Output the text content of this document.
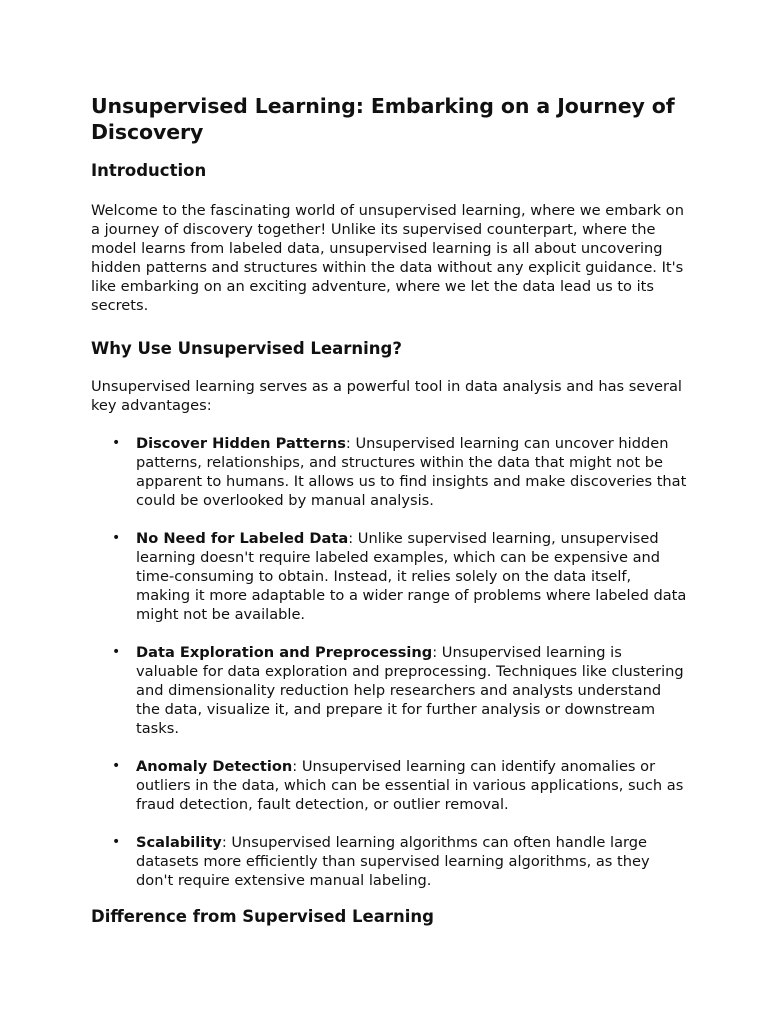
Unsupervised Learning: Embarking on a Journey of Discovery
Introduction

Welcome to the fascinating world of unsupervised learning, where we embark on a journey of discovery together! Unlike its supervised counterpart, where the model learns from labeled data, unsupervised learning is all about uncovering hidden patterns and structures within the data without any explicit guidance. It's like embarking on an exciting adventure, where we let the data lead us to its secrets.

Why Use Unsupervised Learning?

Unsupervised learning serves as a powerful tool in data analysis and has several key advantages:

• Discover Hidden Patterns: Unsupervised learning can uncover hidden patterns, relationships, and structures within the data that might not be apparent to humans. It allows us to find insights and make discoveries that could be overlooked by manual analysis.
• No Need for Labeled Data: Unlike supervised learning, unsupervised learning doesn't require labeled examples, which can be expensive and time-consuming to obtain. Instead, it relies solely on the data itself, making it more adaptable to a wider range of problems where labeled data might not be available.
• Data Exploration and Preprocessing: Unsupervised learning is valuable for data exploration and preprocessing. Techniques like clustering and dimensionality reduction help researchers and analysts understand the data, visualize it, and prepare it for further analysis or downstream tasks.
• Anomaly Detection: Unsupervised learning can identify anomalies or outliers in the data, which can be essential in various applications, such as fraud detection, fault detection, or outlier removal.
• Scalability: Unsupervised learning algorithms can often handle large datasets more efficiently than supervised learning algorithms, as they don't require extensive manual labeling.
Difference from Supervised Learning
